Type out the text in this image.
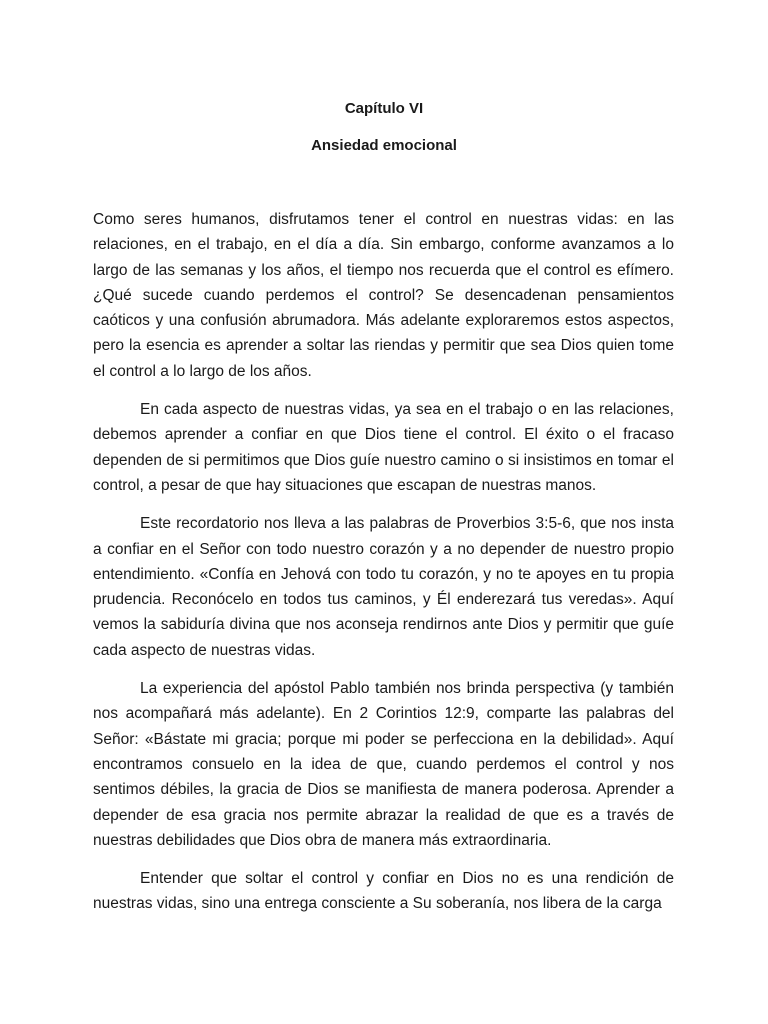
Capítulo VI
Ansiedad emocional

Como seres humanos, disfrutamos tener el control en nuestras vidas: en las relaciones, en el trabajo, en el día a día. Sin embargo, conforme avanzamos a lo largo de las semanas y los años, el tiempo nos recuerda que el control es efímero. ¿Qué sucede cuando perdemos el control? Se desencadenan pensamientos caóticos y una confusión abrumadora. Más adelante exploraremos estos aspectos, pero la esencia es aprender a soltar las riendas y permitir que sea Dios quien tome el control a lo largo de los años.

En cada aspecto de nuestras vidas, ya sea en el trabajo o en las relaciones, debemos aprender a confiar en que Dios tiene el control. El éxito o el fracaso dependen de si permitimos que Dios guíe nuestro camino o si insistimos en tomar el control, a pesar de que hay situaciones que escapan de nuestras manos.

Este recordatorio nos lleva a las palabras de Proverbios 3:5-6, que nos insta a confiar en el Señor con todo nuestro corazón y a no depender de nuestro propio entendimiento. «Confía en Jehová con todo tu corazón, y no te apoyes en tu propia prudencia. Reconócelo en todos tus caminos, y Él enderezará tus veredas». Aquí vemos la sabiduría divina que nos aconseja rendirnos ante Dios y permitir que guíe cada aspecto de nuestras vidas.

La experiencia del apóstol Pablo también nos brinda perspectiva (y también nos acompañará más adelante). En 2 Corintios 12:9, comparte las palabras del Señor: «Bástate mi gracia; porque mi poder se perfecciona en la debilidad». Aquí encontramos consuelo en la idea de que, cuando perdemos el control y nos sentimos débiles, la gracia de Dios se manifiesta de manera poderosa. Aprender a depender de esa gracia nos permite abrazar la realidad de que es a través de nuestras debilidades que Dios obra de manera más extraordinaria.

Entender que soltar el control y confiar en Dios no es una rendición de nuestras vidas, sino una entrega consciente a Su soberanía, nos libera de la carga
